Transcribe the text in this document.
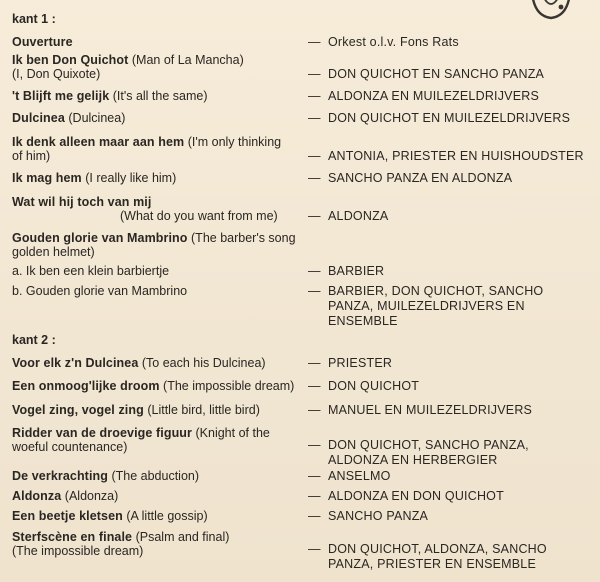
kant 1 :
Ouverture	— Orkest o.l.v. Fons Rats
Ik ben Don Quichot (Man of La Mancha)
(I, Don Quixote)	— DON QUICHOT EN SANCHO PANZA
't Blijft me gelijk (It's all the same)	— ALDONZA EN MUILEZELDRIJVERS
Dulcinea (Dulcinea)	— DON QUICHOT EN MUILEZELDRIJVERS
Ik denk alleen maar aan hem (I'm only thinking
of him)	— ANTONIA, PRIESTER EN HUISHOUDSTER
Ik mag hem (I really like him)	— SANCHO PANZA EN ALDONZA
Wat wil hij toch van mij
(What do you want from me)	— ALDONZA
Gouden glorie van Mambrino (The barber's song
golden helmet)
a. Ik ben een klein barbiertje	— BARBIER
b. Gouden glorie van Mambrino	— BARBIER, DON QUICHOT, SANCHO
PANZA, MUILEZELDRIJVERS EN
ENSEMBLE
kant 2 :
Voor elk z'n Dulcinea (To each his Dulcinea)	— PRIESTER
Een onmoog'lijke droom (The impossible dream)	— DON QUICHOT
Vogel zing, vogel zing (Little bird, little bird)	— MANUEL EN MUILEZELDRIJVERS
Ridder van de droevige figuur (Knight of the
woeful countenance)	— DON QUICHOT, SANCHO PANZA,
ALDONZA EN HERBERGIER
De verkrachting (The abduction)	— ANSELMO
Aldonza (Aldonza)	— ALDONZA EN DON QUICHOT
Een beetje kletsen (A little gossip)	— SANCHO PANZA
Sterfscène en finale (Psalm and final)
(The impossible dream)	— DON QUICHOT, ALDONZA, SANCHO
PANZA, PRIESTER EN ENSEMBLE
